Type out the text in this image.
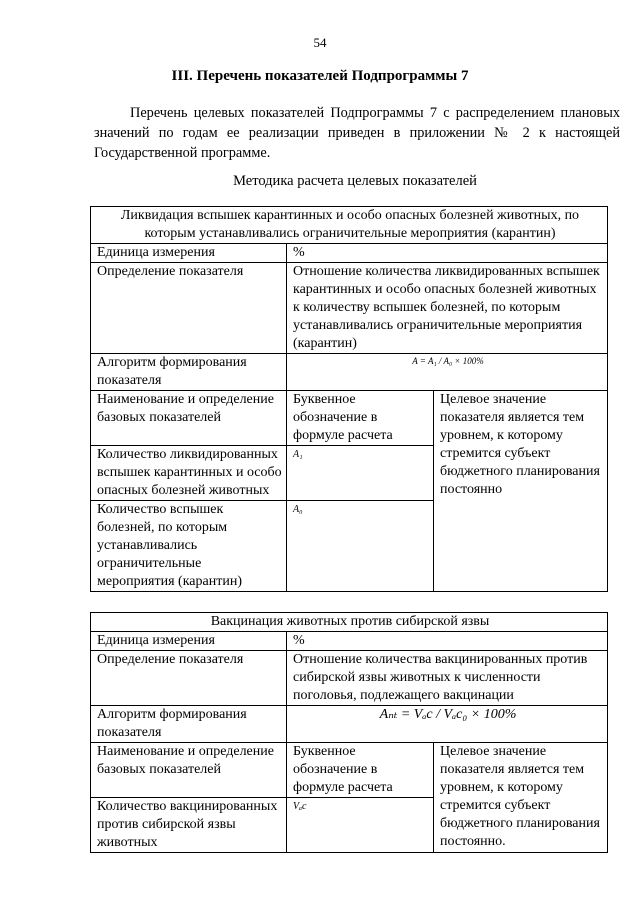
54
III. Перечень показателей Подпрограммы 7

Перечень целевых показателей Подпрограммы 7 с распределением плановых значений по годам ее реализации приведен в приложении № 2 к настоящей Государственной программе.

Методика расчета целевых показателей
Ликвидация вспышек карантинных и особо опасных болезней животных, по которым устанавливались ограничительные мероприятия (карантин)		
Единица измерения	%	
Определение показателя	Отношение количества ликвидированных вспышек карантинных и особо опасных болезней животных к количеству вспышек болезней, по которым устанавливались ограничительные мероприятия (карантин)	
Алгоритм формирования показателя	A = A₁ / A₀ × 100%	
Наименование и определение базовых показателей	Буквенное обозначение в формуле расчета	Целевое значение показателя является тем уровнем, к которому стремится субъект бюджетного планирования постоянно
Количество ликвидированных вспышек карантинных и особо опасных болезней животных	A₁	
Количество вспышек болезней, по которым устанавливались ограничительные мероприятия (карантин)	A₀	
Вакцинация животных против сибирской язвы		
Единица измерения	%	
Определение показателя	Отношение количества вакцинированных против сибирской язвы животных к численности поголовья, подлежащего вакцинации	
Алгоритм формирования показателя	Aₙₜ = Vₐc / Vₐc₀ × 100%	
Наименование и определение базовых показателей	Буквенное обозначение в формуле расчета	Целевое значение показателя является тем уровнем, к которому стремится субъект бюджетного планирования постоянно.
Количество вакцинированных против сибирской язвы животных	Vₐc	
